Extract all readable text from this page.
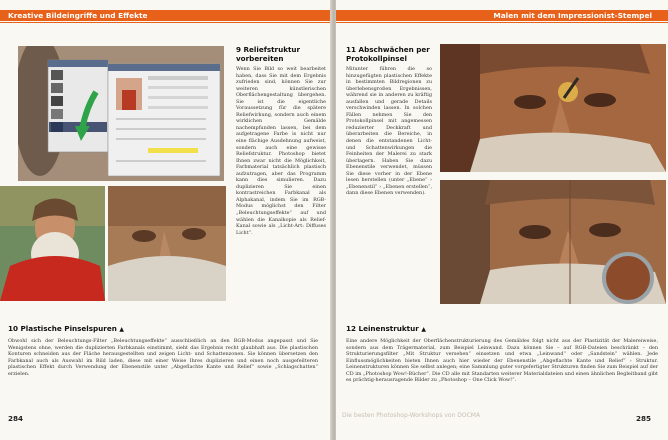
Kreative Bildeingriffe und Effekte
9 Reliefstruktur vorbereiten
Wenn Sie Bild so weit bearbeitet haben, dass Sie mit dem Ergebnis zufrieden sind, können Sie zur weiteren künstlerischen Oberflächengestaltung übergehen. Sie ist die eigentliche Voraussetzung für die spätere Reliefwirkung, sondern auch einem wirklichen Gemälde nachempfunden lassen, bei dem aufgetragene Farbe is nicht nur eine flächige Ausdehnung aufweist, sondern auch eine gewisse Reliefstruktur. Photoshop bietet Ihnen zwar nicht die Möglichkeit, Farbmaterial tatsächlich plastisch aufzutragen, aber das Programm kann dies simulieren. Dazu duplizieren Sie einen kontrastreichen Farbkanal als Alphakanal, indem Sie im RGB-Modus möglichst den Filter „Beleuchtungseffekte“ auf und wählen die Kanalkopie als Relief-Kanal sowie als „Licht-Art: Diffuses Licht“.
10 Plastische Pinselspuren ▲
Obwohl sich der Beleuchtungs-Filter „Beleuchtungseffekte“ ausschließlich an den RGB-Modus angepasst und Sie Wenigstens ohne, werden die duplizierten Farbkanals einstimmt, sieht das Ergebnis recht glaubhaft aus. Die plastischen Konturen schneiden aus der Fläche herausgestellten und zeigen Licht- und Schattenzonen. Sie können übersetzen den Farbkanal auch als Auswahl im Bild laden, diese mit einer Weise Ihres duplizieren und einen noch ausgefeilteren plastischen Effekt durch Verwendung der Ebenenstile unter „Abgeflachte Kante und Relief“ sowie „Schlagschatten“ erzielen.
284
Malen mit dem Impressionist-Stempel
11 Abschwächen per Protokollpinsel
Mitunter führen die so hinzugefügten plastischen Effekte in bestimmten Bildregionen zu überlebensgroßen Ergebnissen, während sie in anderen zu kräftig ausfallen und gerade Details verschwinden lassen. In solchen Fällen nehmen Sie den Protokollpinsel mit angemessen reduzierter Deckkraft und überarbeiten die Bereiche, in denen die entstandenen Licht- und Schattenwirkungen die Feinheiten der Malerei zu stark überlagern. Haben Sie dazu Ebenenstile verwendet, müssen Sie diese vorher in der Ebene lesen herstellen (unter „Ebene“ › „Ebenenstil“ › „Ebenen erstellen“, dann diese Ebenen verwenden).
12 Leinenstruktur ▲
Eine andere Möglichkeit der Oberflächenstrukturierung des Gemäldes folgt nicht aus der Plastizität der Malereiweise, sondern aus dem Trägermaterial, zum Beispiel Leinwand. Dazu können Sie – auf RGB-Dateien beschränkt – den Strukturierungsfilter „Mit Struktur versehen“ einsetzen und etwa „Leinwand“ oder „Sandstein“ wählen. Jede Einflussmöglichkeiten bieten Ihnen auch hier wieder der Ebenenstile „Abgeflachte Kante und Relief“ › Struktur. Leinenstrukturen können Sie selbst anlegen; eine Sammlung guter vorgefertigter Strukturen finden Sie zum Beispiel auf der CD im „Photoshop Wow!-Bücher“. Die CD alle mit Standarten weiterer Materialdateien und einen ähnlichen Begleitband gibt es prächtig-herausragende Bilder zu „Photoshop – One Click Wow!“.
Die besten Photoshop-Workshops von DOCMA	285
